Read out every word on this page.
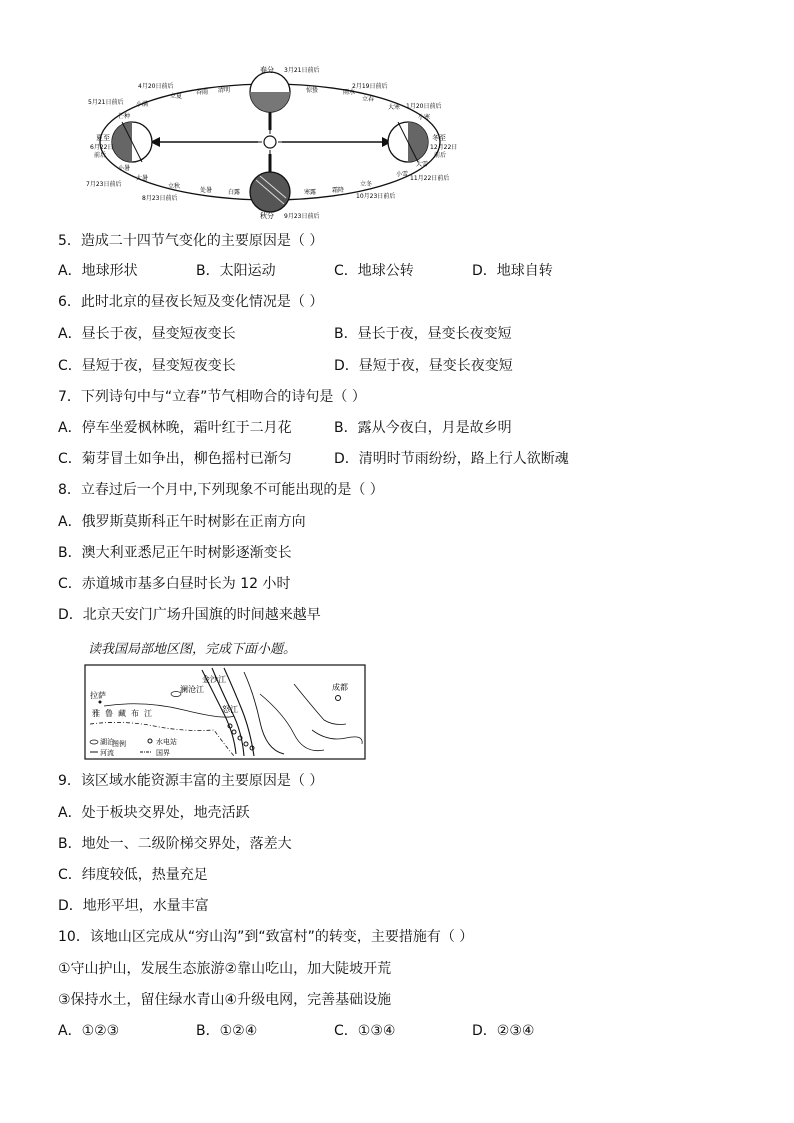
春分 3月21日前后
秋分 9月23日前后
夏至
6月22日
前后
冬至
12月22日
前后
清明	惊蛰	雨水
立春
大寒
小寒
大雪
小雪
立冬
霜降
寒露
白露
处暑
立秋
大暑
小暑
芒种
小满
立夏
谷雨
4月20日前后	2月19日前后
1月20日前后
5月21日前后
11月22日前后
7月23日前后
8月23日前后	10月23日前后
5．造成二十四节气变化的主要原因是（ ）
A．地球形状	B．太阳运动	C．地球公转	D．地球自转
6．此时北京的昼夜长短及变化情况是（ ）
A．昼长于夜，昼变短夜变长	B．昼长于夜，昼变长夜变短
C．昼短于夜，昼变短夜变长	D．昼短于夜，昼变长夜变短
7．下列诗句中与“立春”节气相吻合的诗句是（ ）
A．停车坐爱枫林晚，霜叶红于二月花	B．露从今夜白，月是故乡明
C．菊芽冒土如争出，柳色摇村已渐匀	D．清明时节雨纷纷，路上行人欲断魂
8．立春过后一个月中,下列现象不可能出现的是（ ）
A．俄罗斯莫斯科正午时树影在正南方向
B．澳大利亚悉尼正午时树影逐渐变长
C．赤道城市基多白昼时长为 12 小时
D．北京天安门广场升国旗的时间越来越早
读我国局部地区图，完成下面小题。
拉萨
雅鲁藏布江
澜沧江
金沙江
怒江
成都
图例
湖泊	水电站
河流	国界
9．该区域水能资源丰富的主要原因是（ ）
A．处于板块交界处，地壳活跃
B．地处一、二级阶梯交界处，落差大
C．纬度较低，热量充足
D．地形平坦，水量丰富
10．该地山区完成从“穷山沟”到“致富村”的转变，主要措施有（ ）
①守山护山，发展生态旅游②靠山吃山，加大陡坡开荒
③保持水土，留住绿水青山④升级电网，完善基础设施
A．①②③	B．①②④	C．①③④	D．②③④
